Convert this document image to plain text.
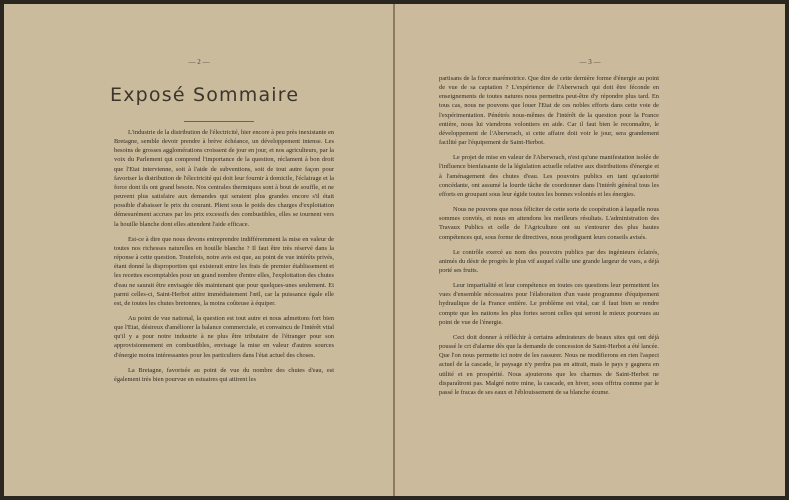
— 2 —
Exposé Sommaire

L'industrie de la distribution de l'électricité, hier encore à peu près inexistante en Bretagne, semble devoir prendre à brève échéance, un développement intense. Les besoins de grosses agglomérations croissent de jour en jour, et nos agriculteurs, par la voix du Parlement qui comprend l'importance de la question, réclament à bon droit que l'Etat intervienne, soit à l'aide de subventions, soit de tout autre façon pour favoriser la distribution de l'électricité qui doit leur fournir à domicile, l'éclairage et la force dont ils ont grand besoin. Nos centrales thermiques sont à bout de souffle, et ne peuvent plus satisfaire aux demandes qui seraient plus grandes encore s'il était possible d'abaisser le prix du courant. Plient sous le poids des charges d'exploitation démesurément accrues par les prix excessifs des combustibles, elles se tournent vers la houille blanche dont elles attendent l'aide efficace.

Est-ce à dire que nous devons entreprendre indifféremment la mise en valeur de toutes nos richesses naturelles en houille blanche ? Il faut être très réservé dans la réponse à cette question. Toutefois, notre avis est que, au point de vue intérêts privés, étant donné la disproportion qui existerait entre les frais de premier établissement et les recettes escomptables pour un grand nombre d'entre elles, l'exploitation des chutes d'eau ne saurait être envisagée dès maintenant que pour quelques-unes seulement. Et parmi celles-ci, Saint-Herbot attire immédiatement l'œil, car la puissance égale elle est, de toutes les chutes bretonnes, la moins coûteuse à équiper.

Au point de vue national, la question est tout autre et nous admettons fort bien que l'Etat, désireux d'améliorer la balance commerciale, et convaincu de l'intérêt vital qu'il y a pour notre industrie à ne plus être tributaire de l'étranger pour son approvisionnement en combustibles, envisage la mise en valeur d'autres sources d'énergie moins intéressantes pour les particuliers dans l'état actuel des choses.

La Bretagne, favorisée au point de vue du nombre des chutes d'eau, est également très bien pourvue en estuaires qui attirent les

— 3 —

partisans de la force marémotrice. Que dire de cette dernière forme d'énergie au point de vue de sa captation ? L'expérience de l'Aberwrach qui doit être féconde en enseignements de toutes natures nous permettra peut-être d'y répondre plus tard. En tous cas, nous ne pouvons que louer l'Etat de ces nobles efforts dans cette voie de l'expérimentation. Pénétrés nous-mêmes de l'intérêt de la question pour la France entière, nous lui viendrons volontiers en aide. Car il faut bien le reconnaître, le développement de l'Aberwrach, si cette affaire doit voir le jour, sera grandement facilité par l'équipement de Saint-Herbot.

Le projet de mise en valeur de l'Aberwrach, n'est qu'une manifestation isolée de l'influence bienfaisante de la législation actuelle relative aux distributions d'énergie et à l'aménagement des chutes d'eau. Les pouvoirs publics en tant qu'autorité concédante, ont assumé la lourde tâche de coordonner dans l'intérêt général tous les efforts en groupant sous leur égide toutes les bonnes volontés et les énergies.

Nous ne pouvons que nous féliciter de cette sorte de coopération à laquelle nous sommes conviés, et nous en attendons les meilleurs résultats. L'administration des Travaux Publics et celle de l'Agriculture ont su s'entourer des plus hautes compétences qui, sous forme de directives, nous prodiguent leurs conseils avisés.

Le contrôle exercé au nom des pouvoirs publics par des ingénieurs éclairés, animés du désir de progrès le plus vif auquel s'allie une grande largeur de vues, a déjà porté ses fruits.

Leur impartialité et leur compétence en toutes ces questions leur permettent les vues d'ensemble nécessaires pour l'élaboration d'un vaste programme d'équipement hydraulique de la France entière. Le problème est vital, car il faut bien se rendre compte que les nations les plus fortes seront celles qui seront le mieux pourvues au point de vue de l'énergie.

Ceci doit donner à réfléchir à certains admirateurs de beaux sites qui ont déjà poussé le cri d'alarme dès que la demande de concession de Saint-Herbot a été lancée. Que l'on nous permette ici notre de les rassurer. Nous ne modifierons en rien l'aspect actuel de la cascade, le paysage n'y perdra pas en attrait, mais le pays y gagnera en utilité et en prospérité. Nous ajouterons que les charmes de Saint-Herbot ne disparaîtront pas. Malgré notre mine, la cascade, en hiver, sous offrira comme par le passé le fracas de ses eaux et l'éblouissement de sa blanche écume.
